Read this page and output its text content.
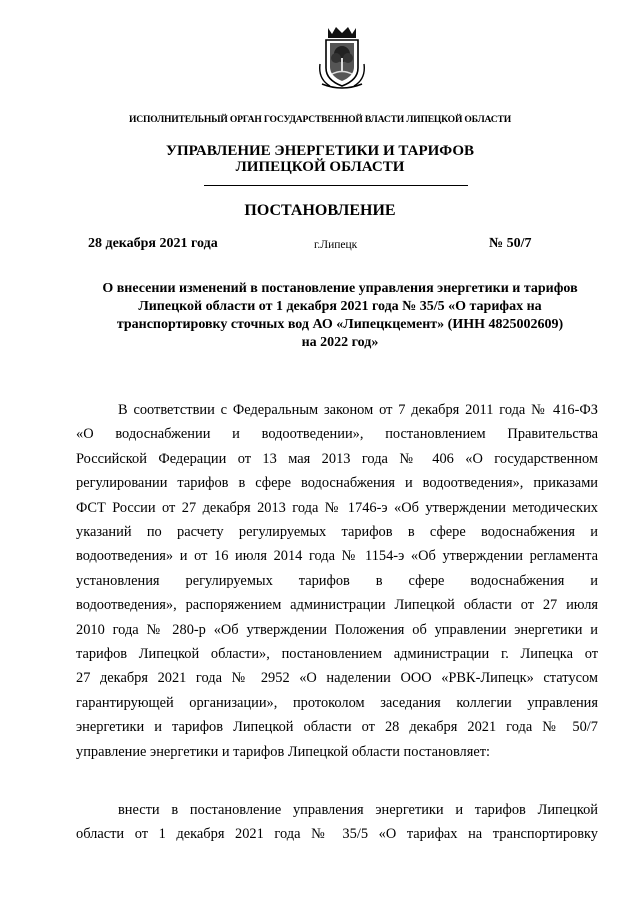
ИСПОЛНИТЕЛЬНЫЙ ОРГАН ГОСУДАРСТВЕННОЙ ВЛАСТИ ЛИПЕЦКОЙ ОБЛАСТИ
УПРАВЛЕНИЕ ЭНЕРГЕТИКИ И ТАРИФОВ
ЛИПЕЦКОЙ ОБЛАСТИ
ПОСТАНОВЛЕНИЕ
28 декабря 2021 года	г.Липецк	№ 50/7
О внесении изменений в постановление управления энергетики и тарифов
Липецкой области от 1 декабря 2021 года № 35/5 «О тарифах на
транспортировку сточных вод АО «Липецкцемент» (ИНН 4825002609)
на 2022 год»
В соответствии с Федеральным законом от 7 декабря 2011 года № 416-ФЗ
«О водоснабжении и водоотведении», постановлением Правительства
Российской Федерации от 13 мая 2013 года № 406 «О государственном
регулировании тарифов в сфере водоснабжения и водоотведения», приказами
ФСТ России от 27 декабря 2013 года № 1746-э «Об утверждении методических
указаний по расчету регулируемых тарифов в сфере водоснабжения и
водоотведения» и от 16 июля 2014 года № 1154-э «Об утверждении регламента
установления регулируемых тарифов в сфере водоснабжения и
водоотведения», распоряжением администрации Липецкой области от 27 июля
2010 года № 280-р «Об утверждении Положения об управлении энергетики и
тарифов Липецкой области», постановлением администрации г. Липецка от
27 декабря 2021 года № 2952 «О наделении ООО «РВК-Липецк» статусом
гарантирующей организации», протоколом заседания коллегии управления
энергетики и тарифов Липецкой области от 28 декабря 2021 года № 50/7
управление энергетики и тарифов Липецкой области постановляет:
внести в постановление управления энергетики и тарифов Липецкой
области от 1 декабря 2021 года № 35/5 «О тарифах на транспортировку
